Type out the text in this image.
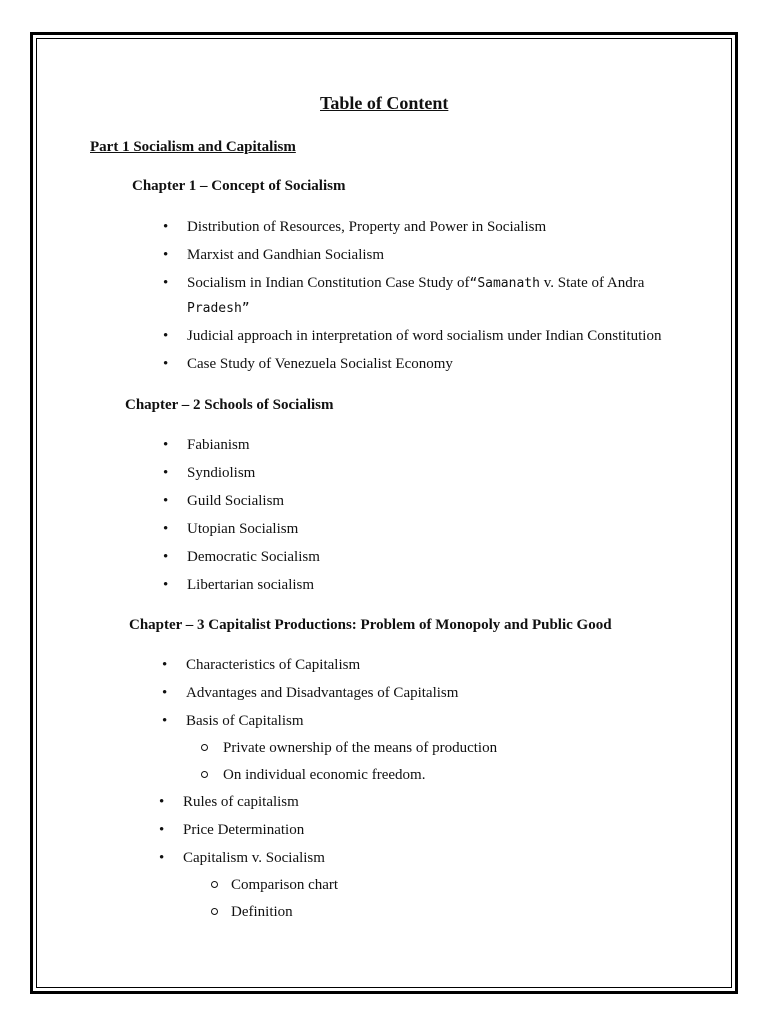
Table of Content
Part 1 Socialism and Capitalism
Chapter 1 – Concept of Socialism
• Distribution of Resources, Property and Power in Socialism
• Marxist and Gandhian Socialism
• Socialism in Indian Constitution Case Study of“Samanath v. State of Andra
Pradesh”
• Judicial approach in interpretation of word socialism under Indian Constitution
• Case Study of Venezuela Socialist Economy
Chapter – 2 Schools of Socialism
• Fabianism
• Syndiolism
• Guild Socialism
• Utopian Socialism
• Democratic Socialism
• Libertarian socialism
Chapter – 3 Capitalist Productions: Problem of Monopoly and Public Good
• Characteristics of Capitalism
• Advantages and Disadvantages of Capitalism
• Basis of Capitalism
Private ownership of the means of production
On individual economic freedom.
• Rules of capitalism
• Price Determination
• Capitalism v. Socialism
Comparison chart
Definition
